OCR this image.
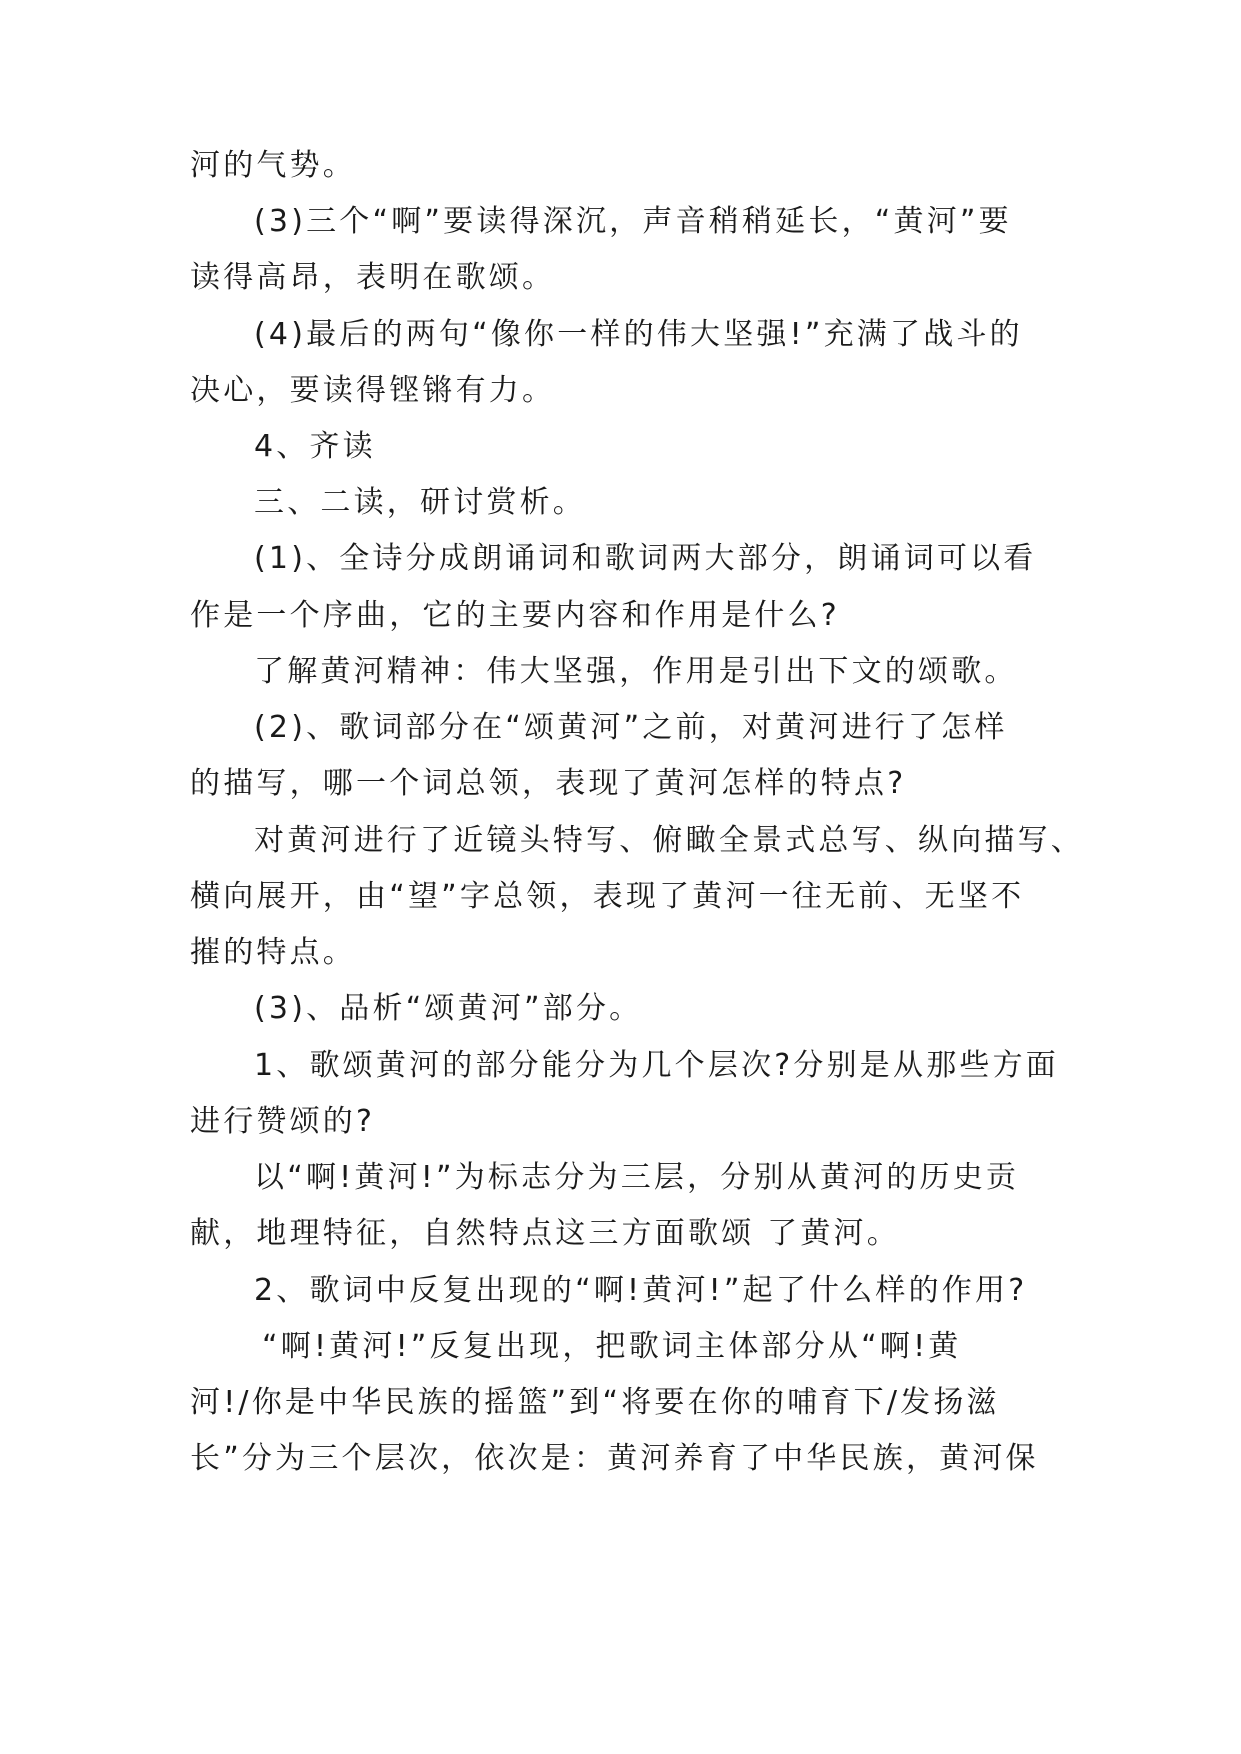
河的气势。
(3)三个“啊”要读得深沉，声音稍稍延长，“黄河”要
读得高昂，表明在歌颂。
(4)最后的两句“像你一样的伟大坚强!”充满了战斗的
决心，要读得铿锵有力。
4、齐读
三、二读，研讨赏析。
(1)、全诗分成朗诵词和歌词两大部分，朗诵词可以看
作是一个序曲，它的主要内容和作用是什么?
了解黄河精神：伟大坚强，作用是引出下文的颂歌。
(2)、歌词部分在“颂黄河”之前，对黄河进行了怎样
的描写，哪一个词总领，表现了黄河怎样的特点?
对黄河进行了近镜头特写、俯瞰全景式总写、纵向描写、
横向展开，由“望”字总领，表现了黄河一往无前、无坚不
摧的特点。
(3)、品析“颂黄河”部分。
1、歌颂黄河的部分能分为几个层次?分别是从那些方面
进行赞颂的?
以“啊!黄河!”为标志分为三层，分别从黄河的历史贡
献，地理特征，自然特点这三方面歌颂 了黄河。
2、歌词中反复出现的“啊!黄河!”起了什么样的作用?
“啊!黄河!”反复出现，把歌词主体部分从“啊!黄
河!/你是中华民族的摇篮”到“将要在你的哺育下/发扬滋
长”分为三个层次，依次是：黄河养育了中华民族，黄河保
